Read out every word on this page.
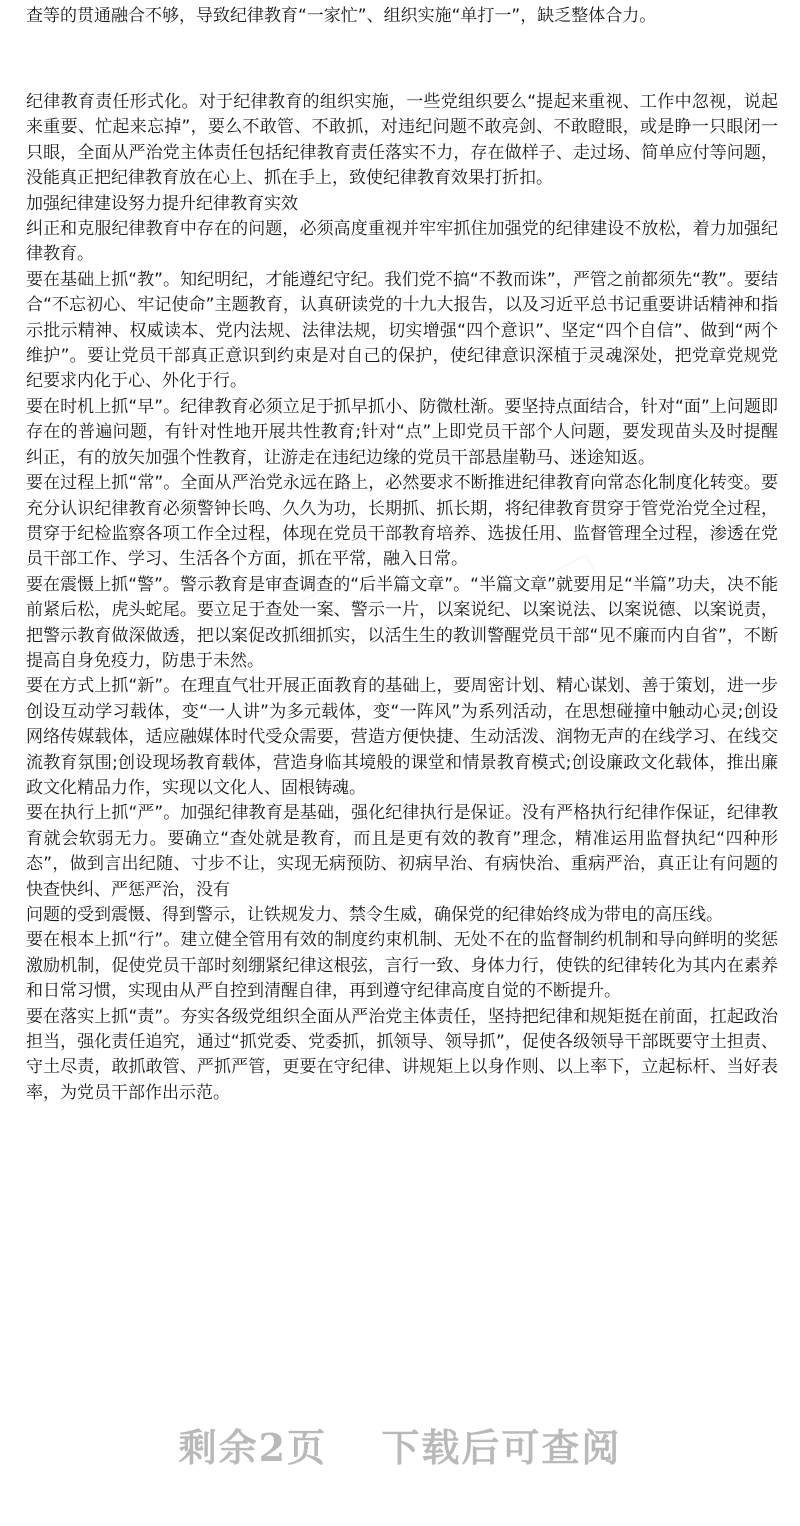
查等的贯通融合不够，导致纪律教育“一家忙”、组织实施“单打一”，缺乏整体合力。

纪律教育责任形式化。对于纪律教育的组织实施，一些党组织要么“提起来重视、工作中忽视，说起来重要、忙起来忘掉”，要么不敢管、不敢抓，对违纪问题不敢亮剑、不敢瞪眼，或是睁一只眼闭一只眼，全面从严治党主体责任包括纪律教育责任落实不力，存在做样子、走过场、简单应付等问题，没能真正把纪律教育放在心上、抓在手上，致使纪律教育效果打折扣。

加强纪律建设努力提升纪律教育实效

纠正和克服纪律教育中存在的问题，必须高度重视并牢牢抓住加强党的纪律建设不放松，着力加强纪律教育。

要在基础上抓“教”。知纪明纪，才能遵纪守纪。我们党不搞“不教而诛”，严管之前都须先“教”。要结合“不忘初心、牢记使命”主题教育，认真研读党的十九大报告，以及习近平总书记重要讲话精神和指示批示精神、权威读本、党内法规、法律法规，切实增强“四个意识”、坚定“四个自信”、做到“两个维护”。要让党员干部真正意识到约束是对自己的保护，使纪律意识深植于灵魂深处，把党章党规党纪要求内化于心、外化于行。

要在时机上抓“早”。纪律教育必须立足于抓早抓小、防微杜渐。要坚持点面结合，针对“面”上问题即存在的普遍问题，有针对性地开展共性教育;针对“点”上即党员干部个人问题，要发现苗头及时提醒纠正，有的放矢加强个性教育，让游走在违纪边缘的党员干部悬崖勒马、迷途知返。

要在过程上抓“常”。全面从严治党永远在路上，必然要求不断推进纪律教育向常态化制度化转变。要充分认识纪律教育必须警钟长鸣、久久为功，长期抓、抓长期，将纪律教育贯穿于管党治党全过程，贯穿于纪检监察各项工作全过程，体现在党员干部教育培养、选拔任用、监督管理全过程，渗透在党员干部工作、学习、生活各个方面，抓在平常，融入日常。

要在震慑上抓“警”。警示教育是审查调查的“后半篇文章”。“半篇文章”就要用足“半篇”功夫，决不能前紧后松，虎头蛇尾。要立足于查处一案、警示一片，以案说纪、以案说法、以案说德、以案说责，把警示教育做深做透，把以案促改抓细抓实，以活生生的教训警醒党员干部“见不廉而内自省”，不断提高自身免疫力，防患于未然。

要在方式上抓“新”。在理直气壮开展正面教育的基础上，要周密计划、精心谋划、善于策划，进一步创设互动学习载体，变“一人讲”为多元载体，变“一阵风”为系列活动，在思想碰撞中触动心灵;创设网络传媒载体，适应融媒体时代受众需要，营造方便快捷、生动活泼、润物无声的在线学习、在线交流教育氛围;创设现场教育载体，营造身临其境般的课堂和情景教育模式;创设廉政文化载体，推出廉政文化精品力作，实现以文化人、固根铸魂。

要在执行上抓“严”。加强纪律教育是基础，强化纪律执行是保证。没有严格执行纪律作保证，纪律教育就会软弱无力。要确立“查处就是教育，而且是更有效的教育”理念，精准运用监督执纪“四种形态”，做到言出纪随、寸步不让，实现无病预防、初病早治、有病快治、重病严治，真正让有问题的快查快纠、严惩严治，没有

问题的受到震慑、得到警示，让铁规发力、禁令生威，确保党的纪律始终成为带电的高压线。

要在根本上抓“行”。建立健全管用有效的制度约束机制、无处不在的监督制约机制和导向鲜明的奖惩激励机制，促使党员干部时刻绷紧纪律这根弦，言行一致、身体力行，使铁的纪律转化为其内在素养和日常习惯，实现由从严自控到清醒自律，再到遵守纪律高度自觉的不断提升。

要在落实上抓“责”。夯实各级党组织全面从严治党主体责任，坚持把纪律和规矩挺在前面，扛起政治担当，强化责任追究，通过“抓党委、党委抓，抓领导、领导抓”，促使各级领导干部既要守土担责、守土尽责，敢抓敢管、严抓严管，更要在守纪律、讲规矩上以身作则、以上率下，立起标杆、当好表率，为党员干部作出示范。

剩余2页 下载后可查阅
